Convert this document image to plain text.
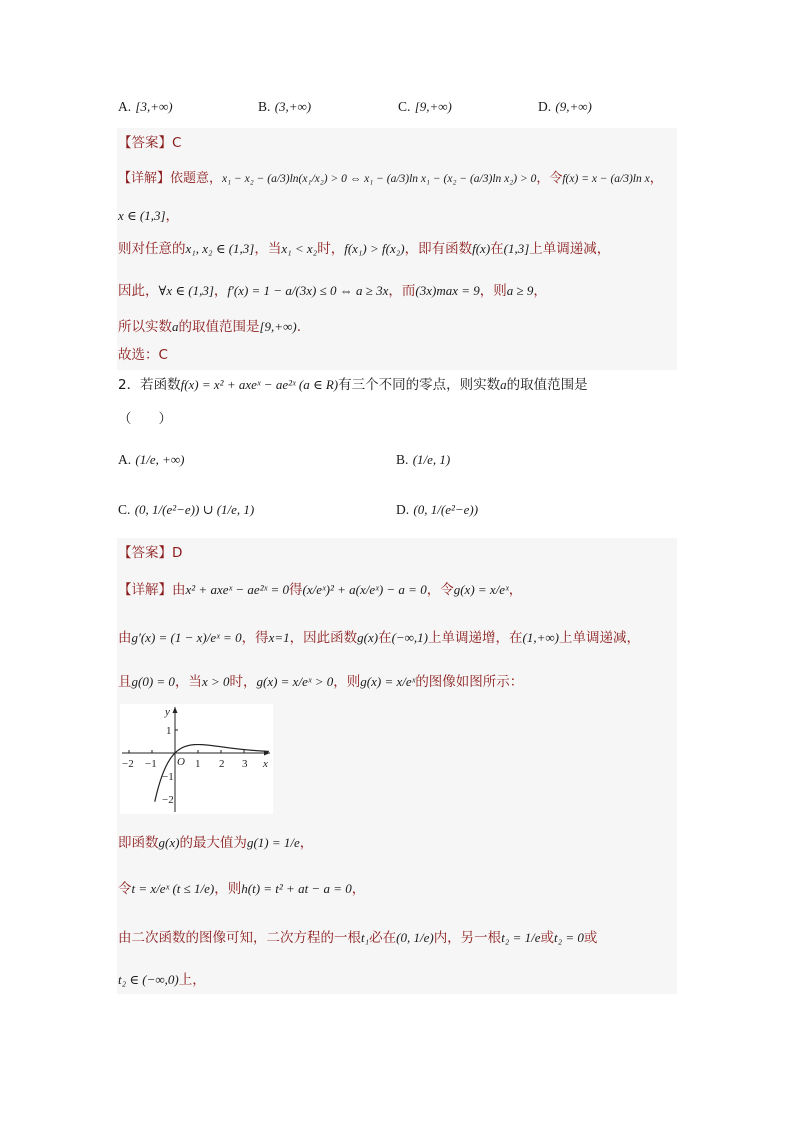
A. [3,+∞)	B. (3,+∞)	C. [9,+∞)	D. (9,+∞)
【答案】C
【详解】依题意，x₁ − x₂ − (a/3)ln(x₁/x₂) > 0 ⇔ x₁ − (a/3)ln x₁ − (x₂ − (a/3)ln x₂) > 0，令f(x) = x − (a/3)ln x，
x ∈ (1,3]，
则对任意的x₁, x₂ ∈ (1,3]，当x₁ < x₂时，f(x₁) > f(x₂)，即有函数f(x)在(1,3]上单调递减，
因此，∀x ∈ (1,3]，f′(x) = 1 − a/(3x) ≤ 0 ⇔ a ≥ 3x，而(3x)max = 9，则a ≥ 9，
所以实数a的取值范围是[9,+∞).
故选：C
2．若函数f(x) = x² + axeˣ − ae²ˣ (a ∈ R)有三个不同的零点，则实数a的取值范围是
（　　）
A. (1/e, +∞)	B. (1/e, 1)
C. (0, 1/(e²−e)) ∪ (1/e, 1)	D. (0, 1/(e²−e))
【答案】D
【详解】由x² + axeˣ − ae²ˣ = 0得(x/eˣ)² + a(x/eˣ) − a = 0，令g(x) = x/eˣ，
由g′(x) = (1 − x)/eˣ = 0，得x=1，因此函数g(x)在(−∞,1)上单调递增，在(1,+∞)上单调递减，
且g(0) = 0，当x > 0时，g(x) = x/eˣ > 0，则g(x) = x/eˣ的图像如图所示：
y
x
O
−2 −1	1 2 3
1
−1
−2
即函数g(x)的最大值为g(1) = 1/e，
令t = x/eˣ (t ≤ 1/e)，则h(t) = t² + at − a = 0，
由二次函数的图像可知，二次方程的一根t₁必在(0, 1/e)内，另一根t₂ = 1/e或t₂ = 0或
t₂ ∈ (−∞,0)上，
